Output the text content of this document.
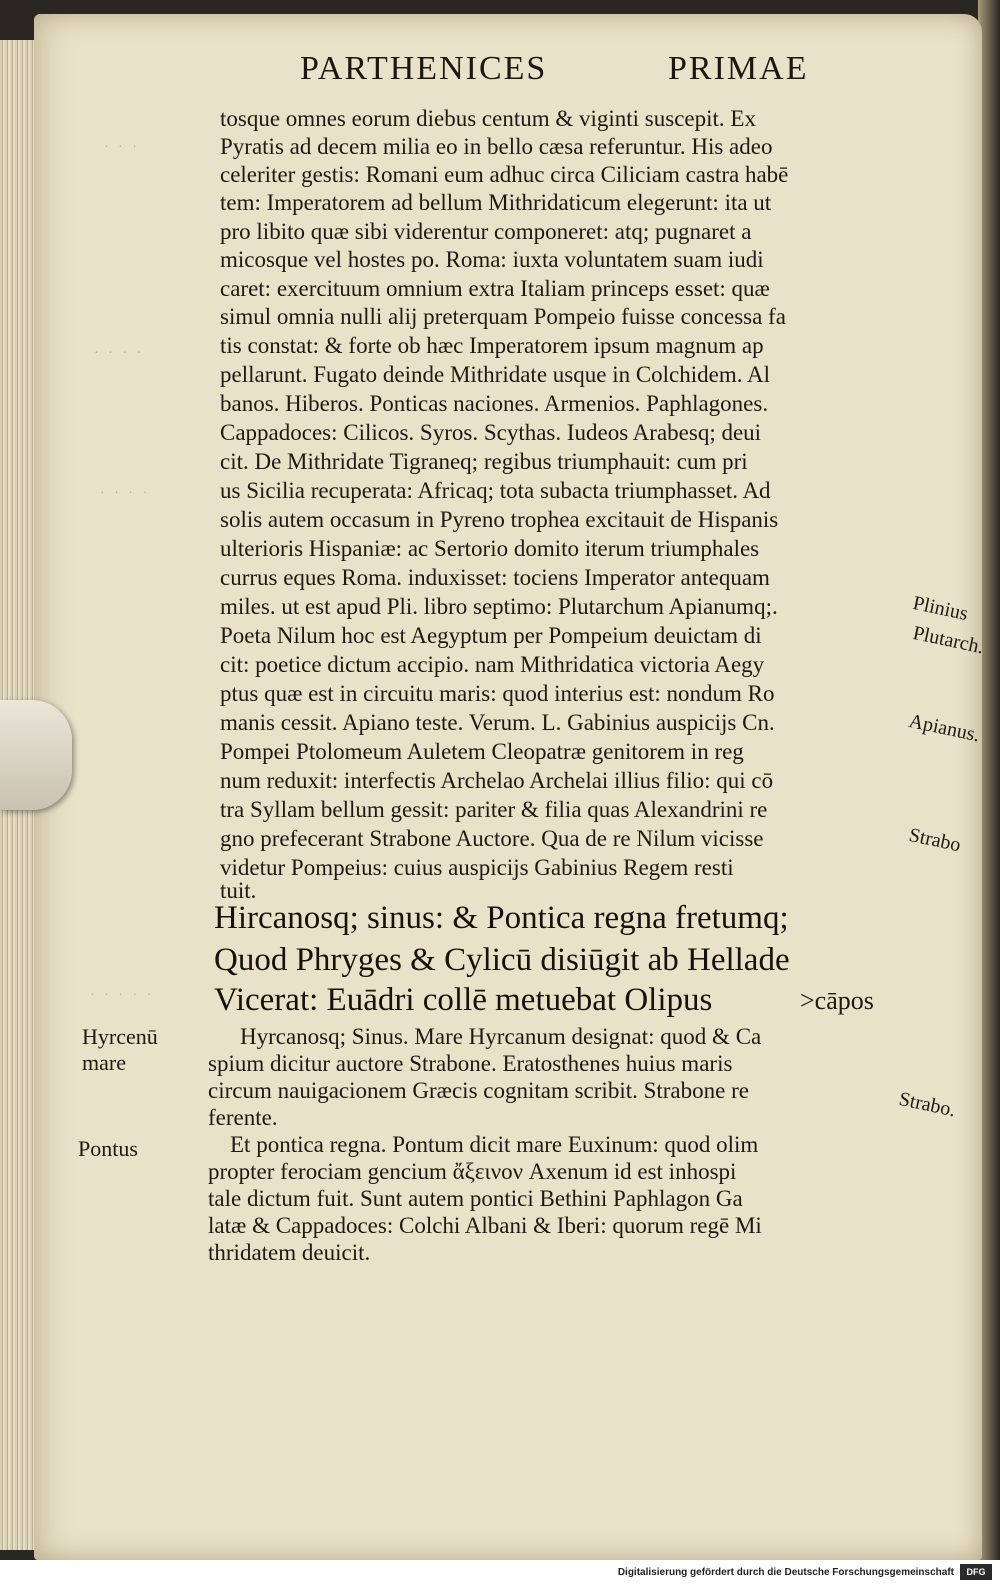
PARTHENICES	PRIMAE
tosque omnes eorum diebus centum & viginti suscepit. Ex
Pyratis ad decem milia eo in bello cæsa referuntur. His adeo
celeriter gestis: Romani eum adhuc circa Ciliciam castra habē
tem: Imperatorem ad bellum Mithridaticum elegerunt: ita ut
pro libito quæ sibi viderentur componeret: atq; pugnaret a
micosque vel hostes po. Roma: iuxta voluntatem suam iudi
caret: exercituum omnium extra Italiam princeps esset: quæ
simul omnia nulli alij preterquam Pompeio fuisse concessa fa
tis constat: & forte ob hæc Imperatorem ipsum magnum ap
pellarunt. Fugato deinde Mithridate usque in Colchidem. Al
banos. Hiberos. Ponticas naciones. Armenios. Paphlagones.
Cappadoces: Cilicos. Syros. Scythas. Iudeos Arabesq; deui
cit. De Mithridate Tigraneq; regibus triumphauit: cum pri
us Sicilia recuperata: Africaq; tota subacta triumphasset. Ad
solis autem occasum in Pyreno trophea excitauit de Hispanis
ulterioris Hispaniæ: ac Sertorio domito iterum triumphales
currus eques Roma. induxisset: tociens Imperator antequam
miles. ut est apud Pli. libro septimo: Plutarchum Apianumq;.
Poeta Nilum hoc est Aegyptum per Pompeium deuictam di
cit: poetice dictum accipio. nam Mithridatica victoria Aegy
ptus quæ est in circuitu maris: quod interius est: nondum Ro
manis cessit. Apiano teste. Verum. L. Gabinius auspicijs Cn.
Pompei Ptolomeum Auletem Cleopatræ genitorem in reg
num reduxit: interfectis Archelao Archelai illius filio: qui cō
tra Syllam bellum gessit: pariter & filia quas Alexandrini re
gno prefecerant Strabone Auctore. Qua de re Nilum vicisse
videtur Pompeius: cuius auspicijs Gabinius Regem resti
tuit.
Hircanosq; sinus: & Pontica regna fretumq;
Quod Phryges & Cylicū disiūgit ab Hellade
Vicerat: Euādri collē metuebat Olipus	>cāpos
Hyrcanosq; Sinus. Mare Hyrcanum designat: quod & Ca
spium dicitur auctore Strabone. Eratosthenes huius maris
circum nauigacionem Græcis cognitam scribit. Strabone re
ferente.
Et pontica regna. Pontum dicit mare Euxinum: quod olim
propter ferociam gencium ἄξεινον Axenum id est inhospi
tale dictum fuit. Sunt autem pontici Bethini Paphlagon Ga
latæ & Cappadoces: Colchi Albani & Iberi: quorum regē Mi
thridatem deuicit.
Plinius
Plutarch.
Apianus.
Strabo
Strabo.
Hyrcenū mare
Pontus
· · ·
· · · ·
· · · ·
· · · · ·
Digitalisierung gefördert durch die Deutsche Forschungsgemeinschaft	DFG
